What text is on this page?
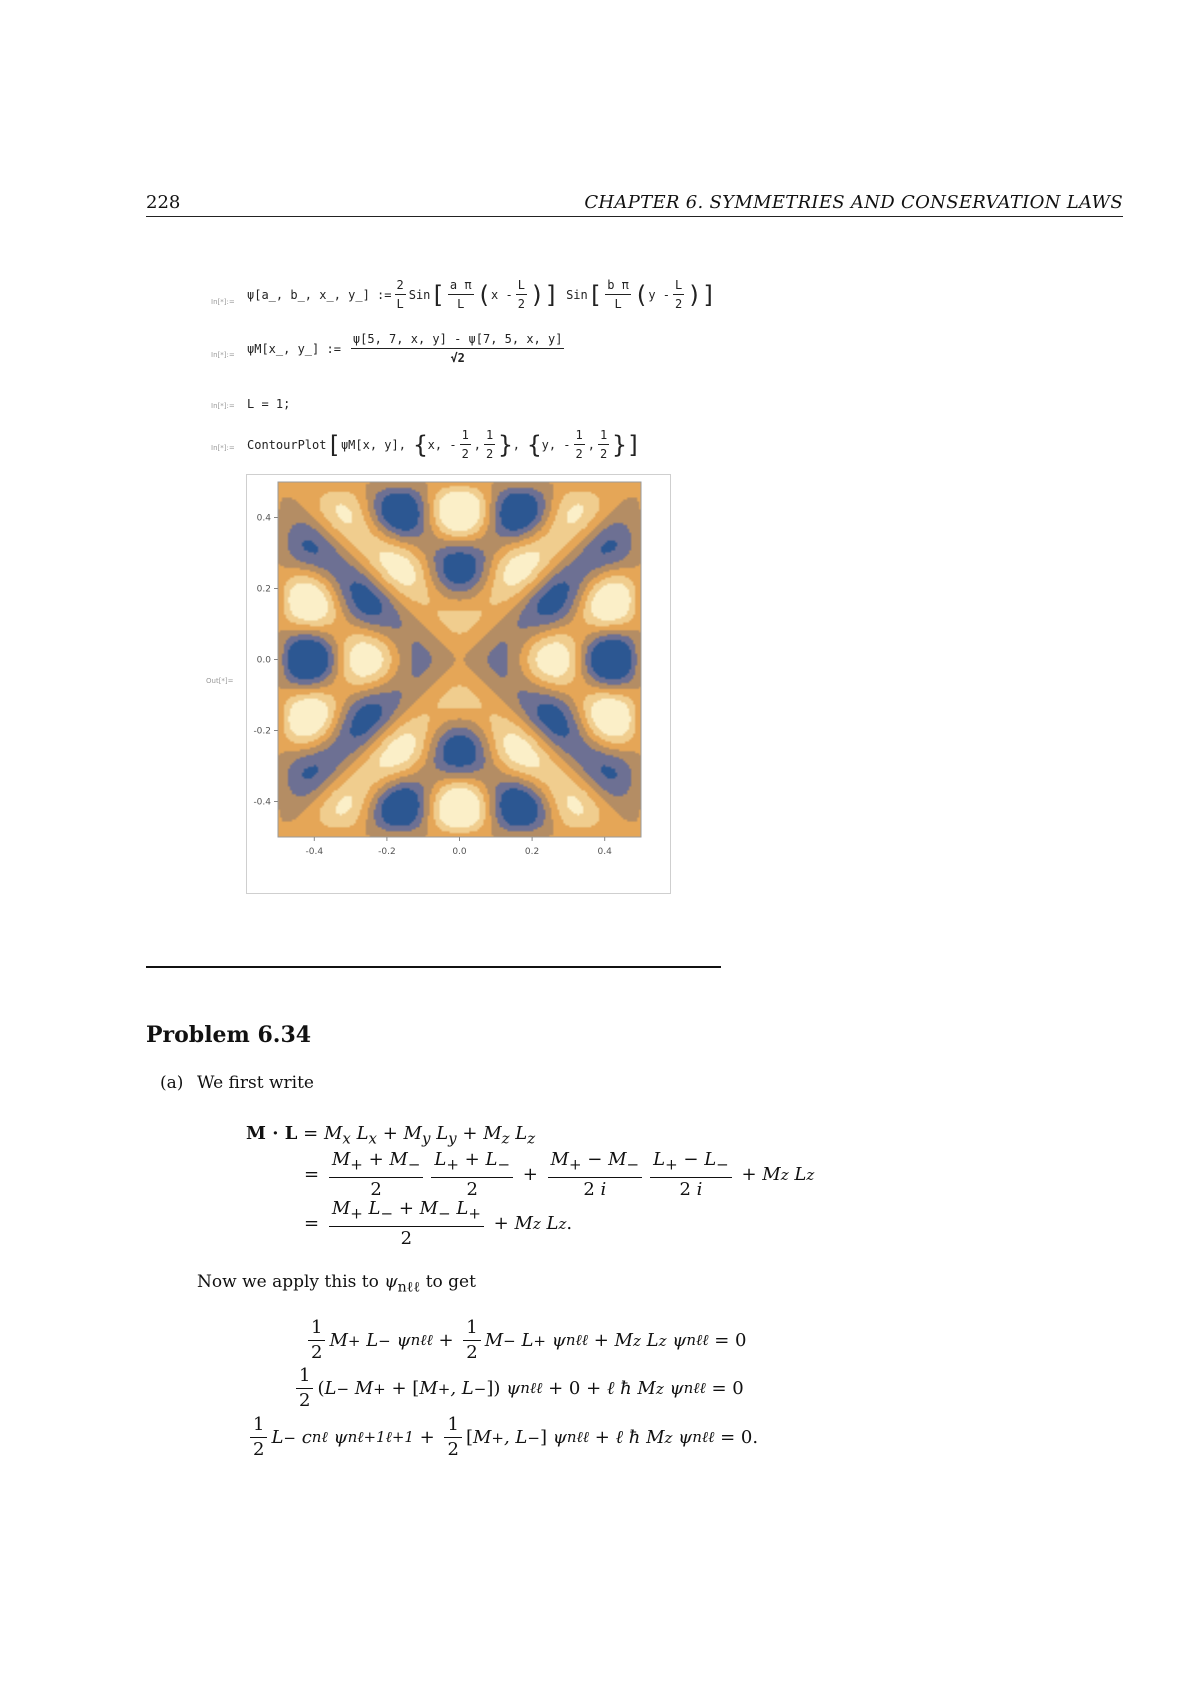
228	CHAPTER 6. SYMMETRIES AND CONSERVATION LAWS
In[*]:=
ψ[a_, b_, x_, y_] := $\frac{2}{L}$ Sin [ $\frac{\text{a π}}{L}$ ( x - $\frac{L}{2}$ )]
Sin [ $\frac{\text{b π}}{L}$ ( y - $\frac{L}{2}$ )]
In[*]:= ψM[x_, y_] := $\frac{\psi[5, 7, x, y] - \psi[7, 5, x, y]}{√2}$
In[*]:= L = 1;
In[*]:= ContourPlot [ ψM[x, y],
{ x, - $\frac{1}{2}$ , $\frac{1}{2}$ } , { y, - $\frac{1}{2}$ , $\frac{1}{2}$ }]
Out[*]=
-0.4	-0.2	0.0	0.2	0.4
0.4
0.2
0.0
-0.2
-0.4
Problem 6.34
(a) We first write
$M \cdot L = M_x$ $L_x + M_y$ $L_y + M_z$ $L_z$
= $\frac{M_+ + M_-}{2} \frac{L_+ + L_-}{2} + \frac{M_+ - M_-}{2 i} \frac{L_+ - L_-}{2 i} + M$ z L z
= $\frac{M_+ L_- + M_- L_+}{2} + M$ z L z .
Now we apply this to $\psi_{n\ell\ell}$ to get
$\frac{1}{2}$ M + L − ψ nℓℓ + $\frac{1}{2}$ M − L + ψ nℓℓ + M z L z ψ nℓℓ = 0
$\frac{1}{2}$ ( L − M + + [ M + , L − ] ) ψ nℓℓ + 0 + ℓ ħ M z ψ nℓℓ = 0
$\frac{1}{2}$ L − c nℓ ψ nℓ+1ℓ+1 + $\frac{1}{2}$ [ M + , L − ] ψ nℓℓ + ℓ ħ M z ψ nℓℓ = 0.
